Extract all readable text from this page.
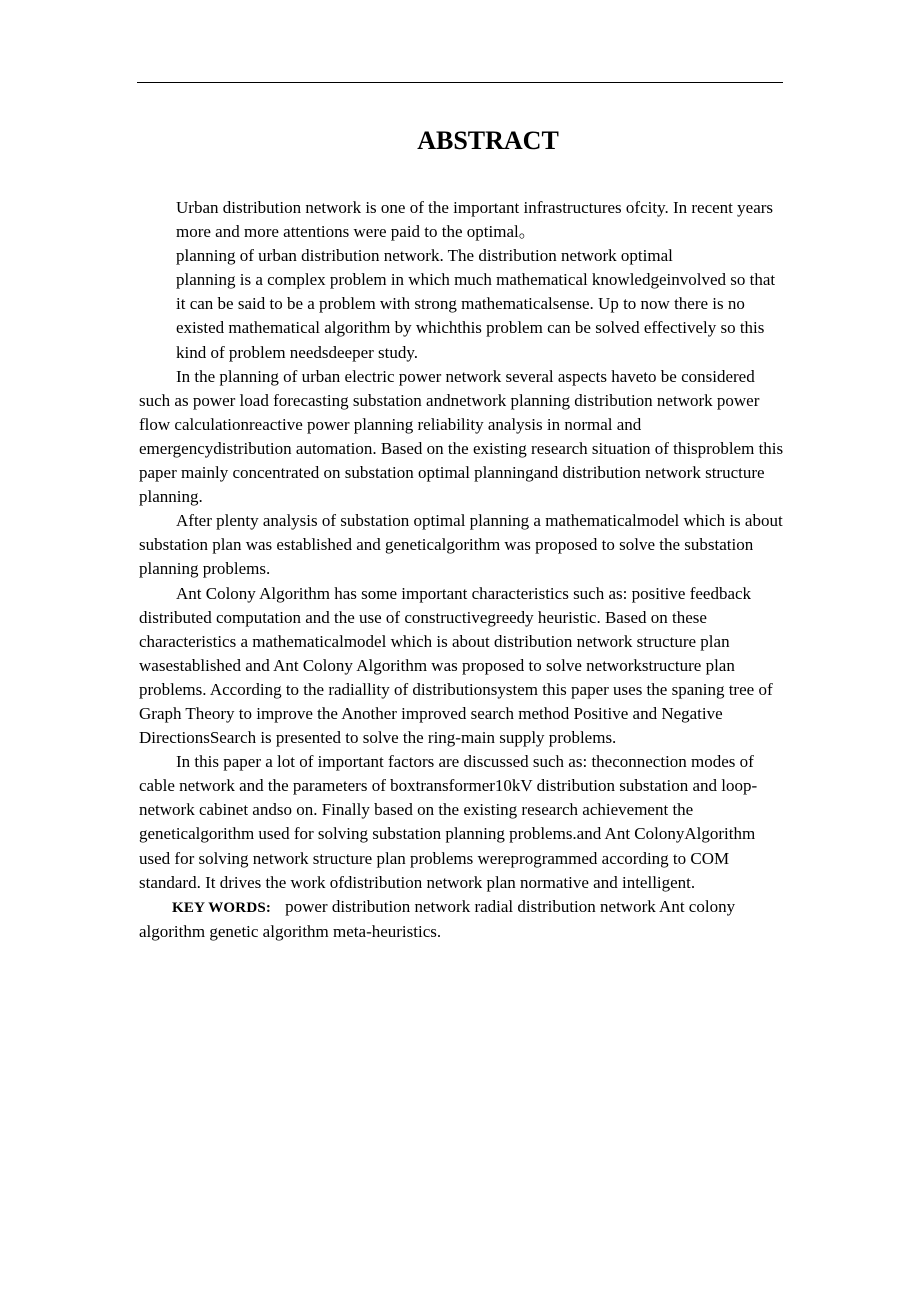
ABSTRACT

Urban distribution network is one of the important infrastructures ofcity. In recent years more and more attentions were paid to the optimal。
planning of urban distribution network. The distribution network optimal
planning is a complex problem in which much mathematical knowledgeinvolved so that it can be said to be a problem with strong mathematicalsense. Up to now there is no existed mathematical algorithm by whichthis problem can be solved effectively so this kind of problem needsdeeper study.

In the planning of urban electric power network several aspects haveto be considered such as power load forecasting substation andnetwork planning distribution network power flow calculationreactive power planning reliability analysis in normal and emergencydistribution automation. Based on the existing research situation of thisproblem this paper mainly concentrated on substation optimal planningand distribution network structure planning.

After plenty analysis of substation optimal planning a mathematicalmodel which is about substation plan was established and geneticalgorithm was proposed to solve the substation planning problems.

Ant Colony Algorithm has some important characteristics such as: positive feedback distributed computation and the use of constructivegreedy heuristic. Based on these characteristics a mathematicalmodel which is about distribution network structure plan wasestablished and Ant Colony Algorithm was proposed to solve networkstructure plan problems. According to the radiallity of distributionsystem this paper uses the spaning tree of Graph Theory to improve the Another improved search method Positive and Negative DirectionsSearch is presented to solve the ring-main supply problems.

In this paper a lot of important factors are discussed such as: theconnection modes of cable network and the parameters of boxtransformer10kV distribution substation and loop-network cabinet andso on. Finally based on the existing research achievement the geneticalgorithm used for solving substation planning problems.and Ant ColonyAlgorithm used for solving network structure plan problems wereprogrammed according to COM standard. It drives the work ofdistribution network plan normative and intelligent.

KEY WORDS: power distribution network radial distribution network Ant colony algorithm genetic algorithm meta-heuristics.
